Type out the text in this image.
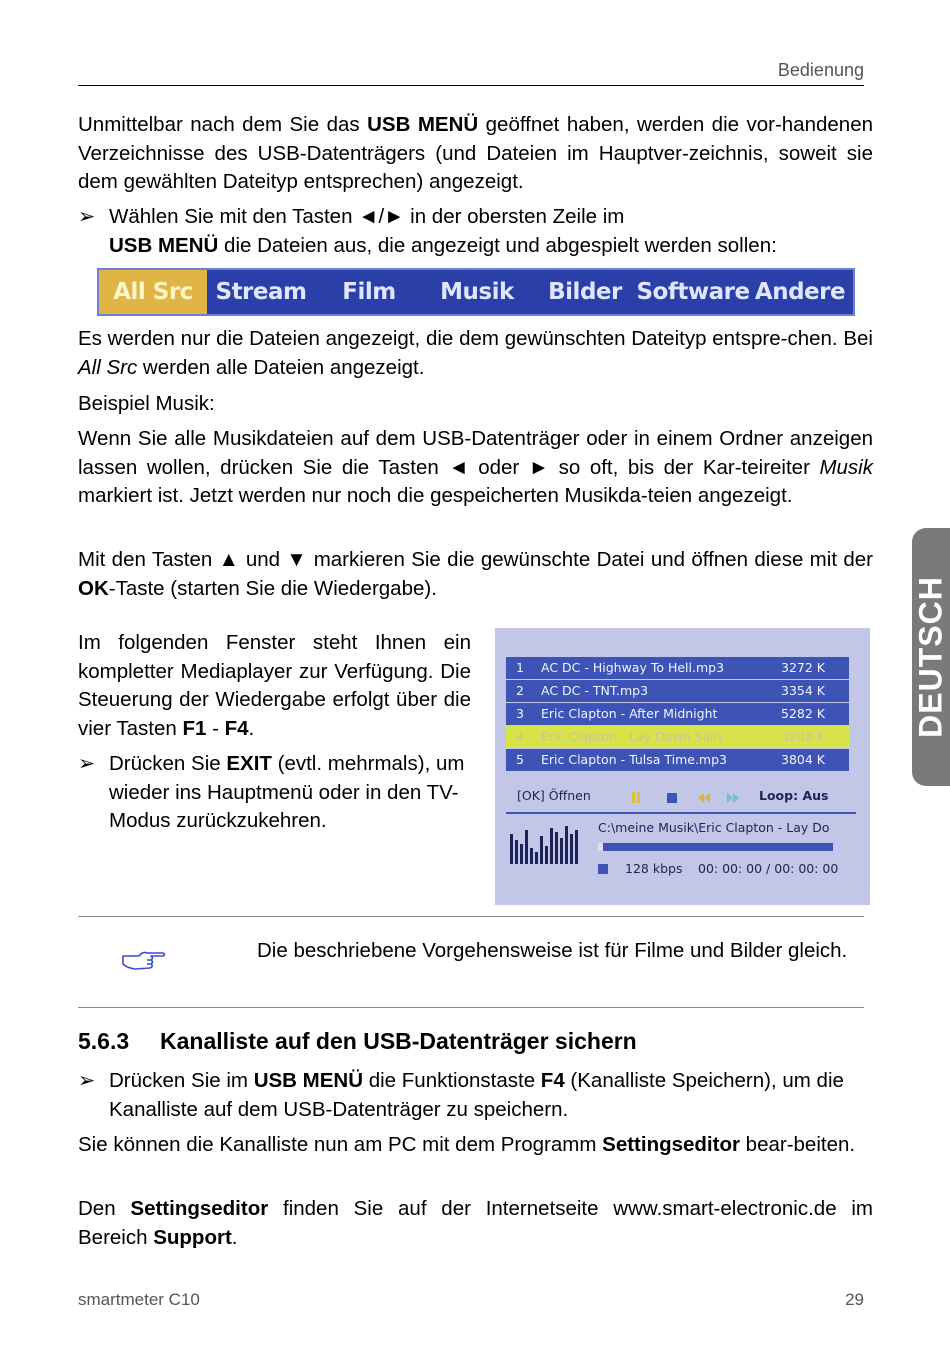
Bedienung
Unmittelbar nach dem Sie das USB MENÜ geöffnet haben, werden die vor-handenen Verzeichnisse des USB-Datenträgers (und Dateien im Hauptver-zeichnis, soweit sie dem gewählten Dateityp entsprechen) angezeigt.
➢ Wählen Sie mit den Tasten ◄/► in der obersten Zeile im
USB MENÜ die Dateien aus, die angezeigt und abgespielt werden sollen:
All Src Stream	Film	Musik	Bilder Software Andere
Es werden nur die Dateien angezeigt, die dem gewünschten Dateityp entspre-chen. Bei All Src werden alle Dateien angezeigt.
Beispiel Musik:
Wenn Sie alle Musikdateien auf dem USB-Datenträger oder in einem Ordner anzeigen lassen wollen, drücken Sie die Tasten ◄ oder ► so oft, bis der Kar-teireiter Musik markiert ist. Jetzt werden nur noch die gespeicherten Musikda-teien angezeigt.
Mit den Tasten ▲ und ▼ markieren Sie die gewünschte Datei und öffnen diese mit der OK-Taste (starten Sie die Wiedergabe).
Im folgenden Fenster steht Ihnen ein kompletter Mediaplayer zur Verfügung. Die Steuerung der Wiedergabe erfolgt über die vier Tasten F1 - F4.
➢ Drücken Sie EXIT (evtl. mehrmals), um wieder ins Hauptmenü oder in den TV-Modus zurückzukehren.
1 AC DC - Highway To Hell.mp3	3272 K
2 AC DC - TNT.mp3	3354 K
3 Eric Clapton - After Midnight	5282 K
4 Eric Clapton - Lay Down Sally	3208 K
5 Eric Clapton - Tulsa Time.mp3	3804 K
[OK] Öffnen	Loop: Aus
C:\meine Musik\Eric Clapton - Lay Do
128 kbps 00: 00: 00 / 00: 00: 00
DEUTSCH
Die beschriebene Vorgehensweise ist für Filme und Bilder gleich.
5.6.3 Kanalliste auf den USB-Datenträger sichern
➢ Drücken Sie im USB MENÜ die Funktionstaste F4 (Kanalliste Speichern), um die Kanalliste auf dem USB-Datenträger zu speichern.
Sie können die Kanalliste nun am PC mit dem Programm Settingseditor bear-beiten.
Den Settingseditor finden Sie auf der Internetseite www.smart-electronic.de im Bereich Support.
smartmeter C10	29
